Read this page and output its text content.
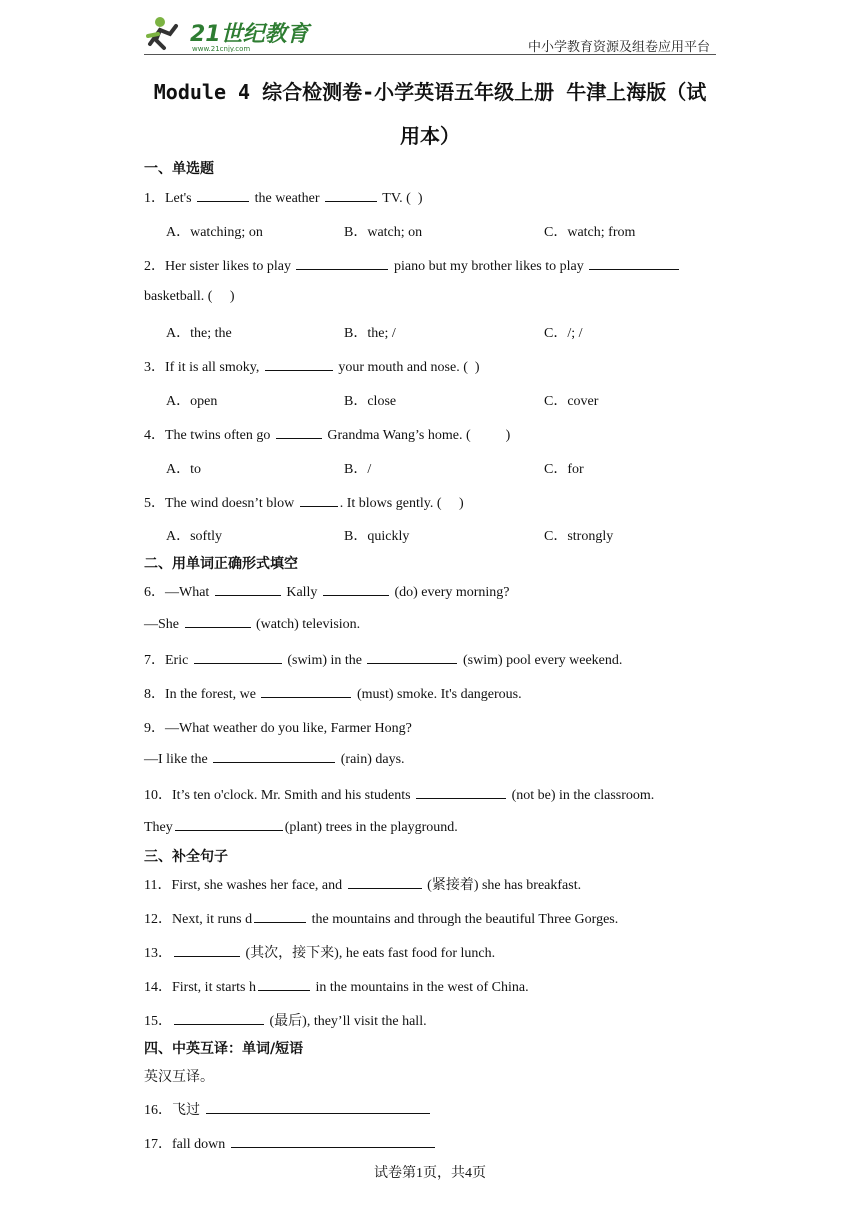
21世纪教育
www.21cnjy.com	中小学教育资源及组卷应用平台
Module 4 综合检测卷-小学英语五年级上册 牛津上海版（试
用本）
一、单选题
1．Let's	the weather	TV. (  )
A．watching; on	B．watch; on	C．watch; from
2．Her sister likes to play	piano but my brother likes to play
basketball. (     )
A．the; the	B．the; /	C．/; /
3．If it is all smoky,	your mouth and nose. (  )
A．open	B．close	C．cover
4．The twins often go	Grandma Wang’s home. (          )
A．to	B．/	C．for
5．The wind doesn’t blow	. It blows gently. (     )
A．softly	B．quickly	C．strongly
二、用单词正确形式填空
6．—What	Kally	(do) every morning?
—She	(watch) television.
7．Eric	(swim) in the	(swim) pool every weekend.
8．In the forest, we	(must) smoke. It's dangerous.
9．—What weather do you like, Farmer Hong?
—I like the	(rain) days.
10．It’s ten o'clock. Mr. Smith and his students	(not be) in the classroom.
They	(plant) trees in the playground.
三、补全句子
11．First, she washes her face, and	(紧接着) she has breakfast.
12．Next, it runs d	the mountains and through the beautiful Three Gorges.
13．	(其次，接下来), he eats fast food for lunch.
14．First, it starts h	in the mountains in the west of China.
15．	(最后), they’ll visit the hall.
四、中英互译：单词/短语
英汉互译。
16．飞过
17．fall down
试卷第1页，共4页
